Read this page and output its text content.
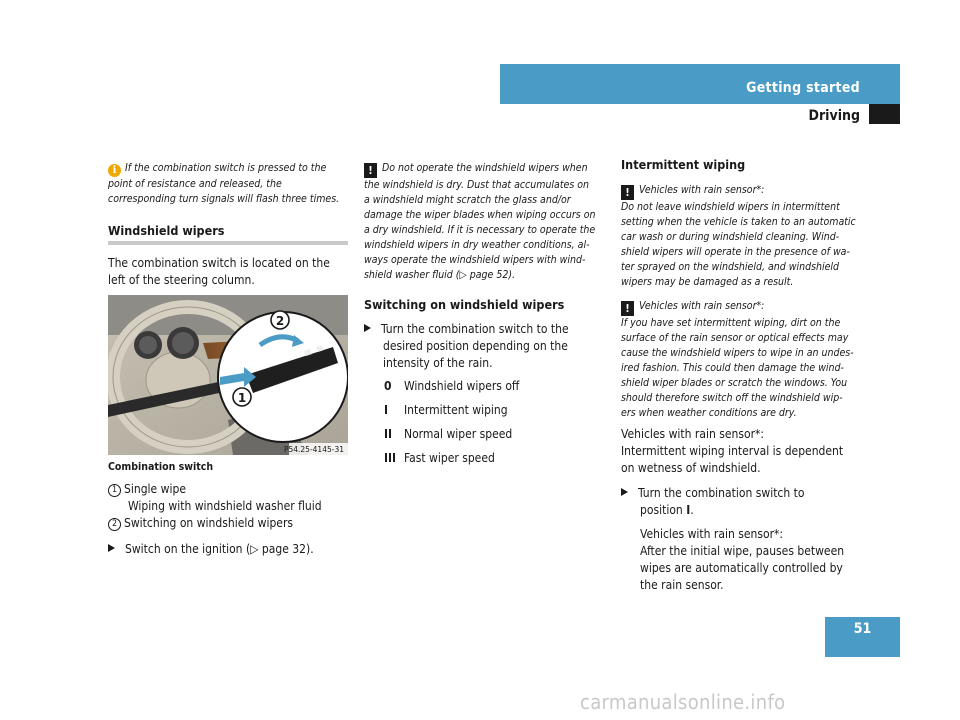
Getting started
Driving
i If the combination switch is pressed to the
point of resistance and released, the
corresponding turn signals will flash three times.
Windshield wipers
The combination switch is located on the
left of the steering column.
2
1
P54.25-4145-31
Combination switch
1 Single wipe
Wiping with windshield washer fluid
2 Switching on windshield wipers
Switch on the ignition (▷ page 32).
! Do not operate the windshield wipers when
the windshield is dry. Dust that accumulates on
a windshield might scratch the glass and/or
damage the wiper blades when wiping occurs on
a dry windshield. If it is necessary to operate the
windshield wipers in dry weather conditions, al-
ways operate the windshield wipers with wind-
shield washer fluid (▷ page 52).
Switching on windshield wipers
Turn the combination switch to the
desired position depending on the
intensity of the rain.
0 Windshield wipers off
I Intermittent wiping
II Normal wiper speed
III Fast wiper speed
Intermittent wiping
! Vehicles with rain sensor*:
Do not leave windshield wipers in intermittent
setting when the vehicle is taken to an automatic
car wash or during windshield cleaning. Wind-
shield wipers will operate in the presence of wa-
ter sprayed on the windshield, and windshield
wipers may be damaged as a result.
! Vehicles with rain sensor*:
If you have set intermittent wiping, dirt on the
surface of the rain sensor or optical effects may
cause the windshield wipers to wipe in an undes-
ired fashion. This could then damage the wind-
shield wiper blades or scratch the windows. You
should therefore switch off the windshield wip-
ers when weather conditions are dry.
Vehicles with rain sensor*:
Intermittent wiping interval is dependent
on wetness of windshield.
Turn the combination switch to
position I.
Vehicles with rain sensor*:
After the initial wipe, pauses between
wipes are automatically controlled by
the rain sensor.
51
carmanualsonline.info
